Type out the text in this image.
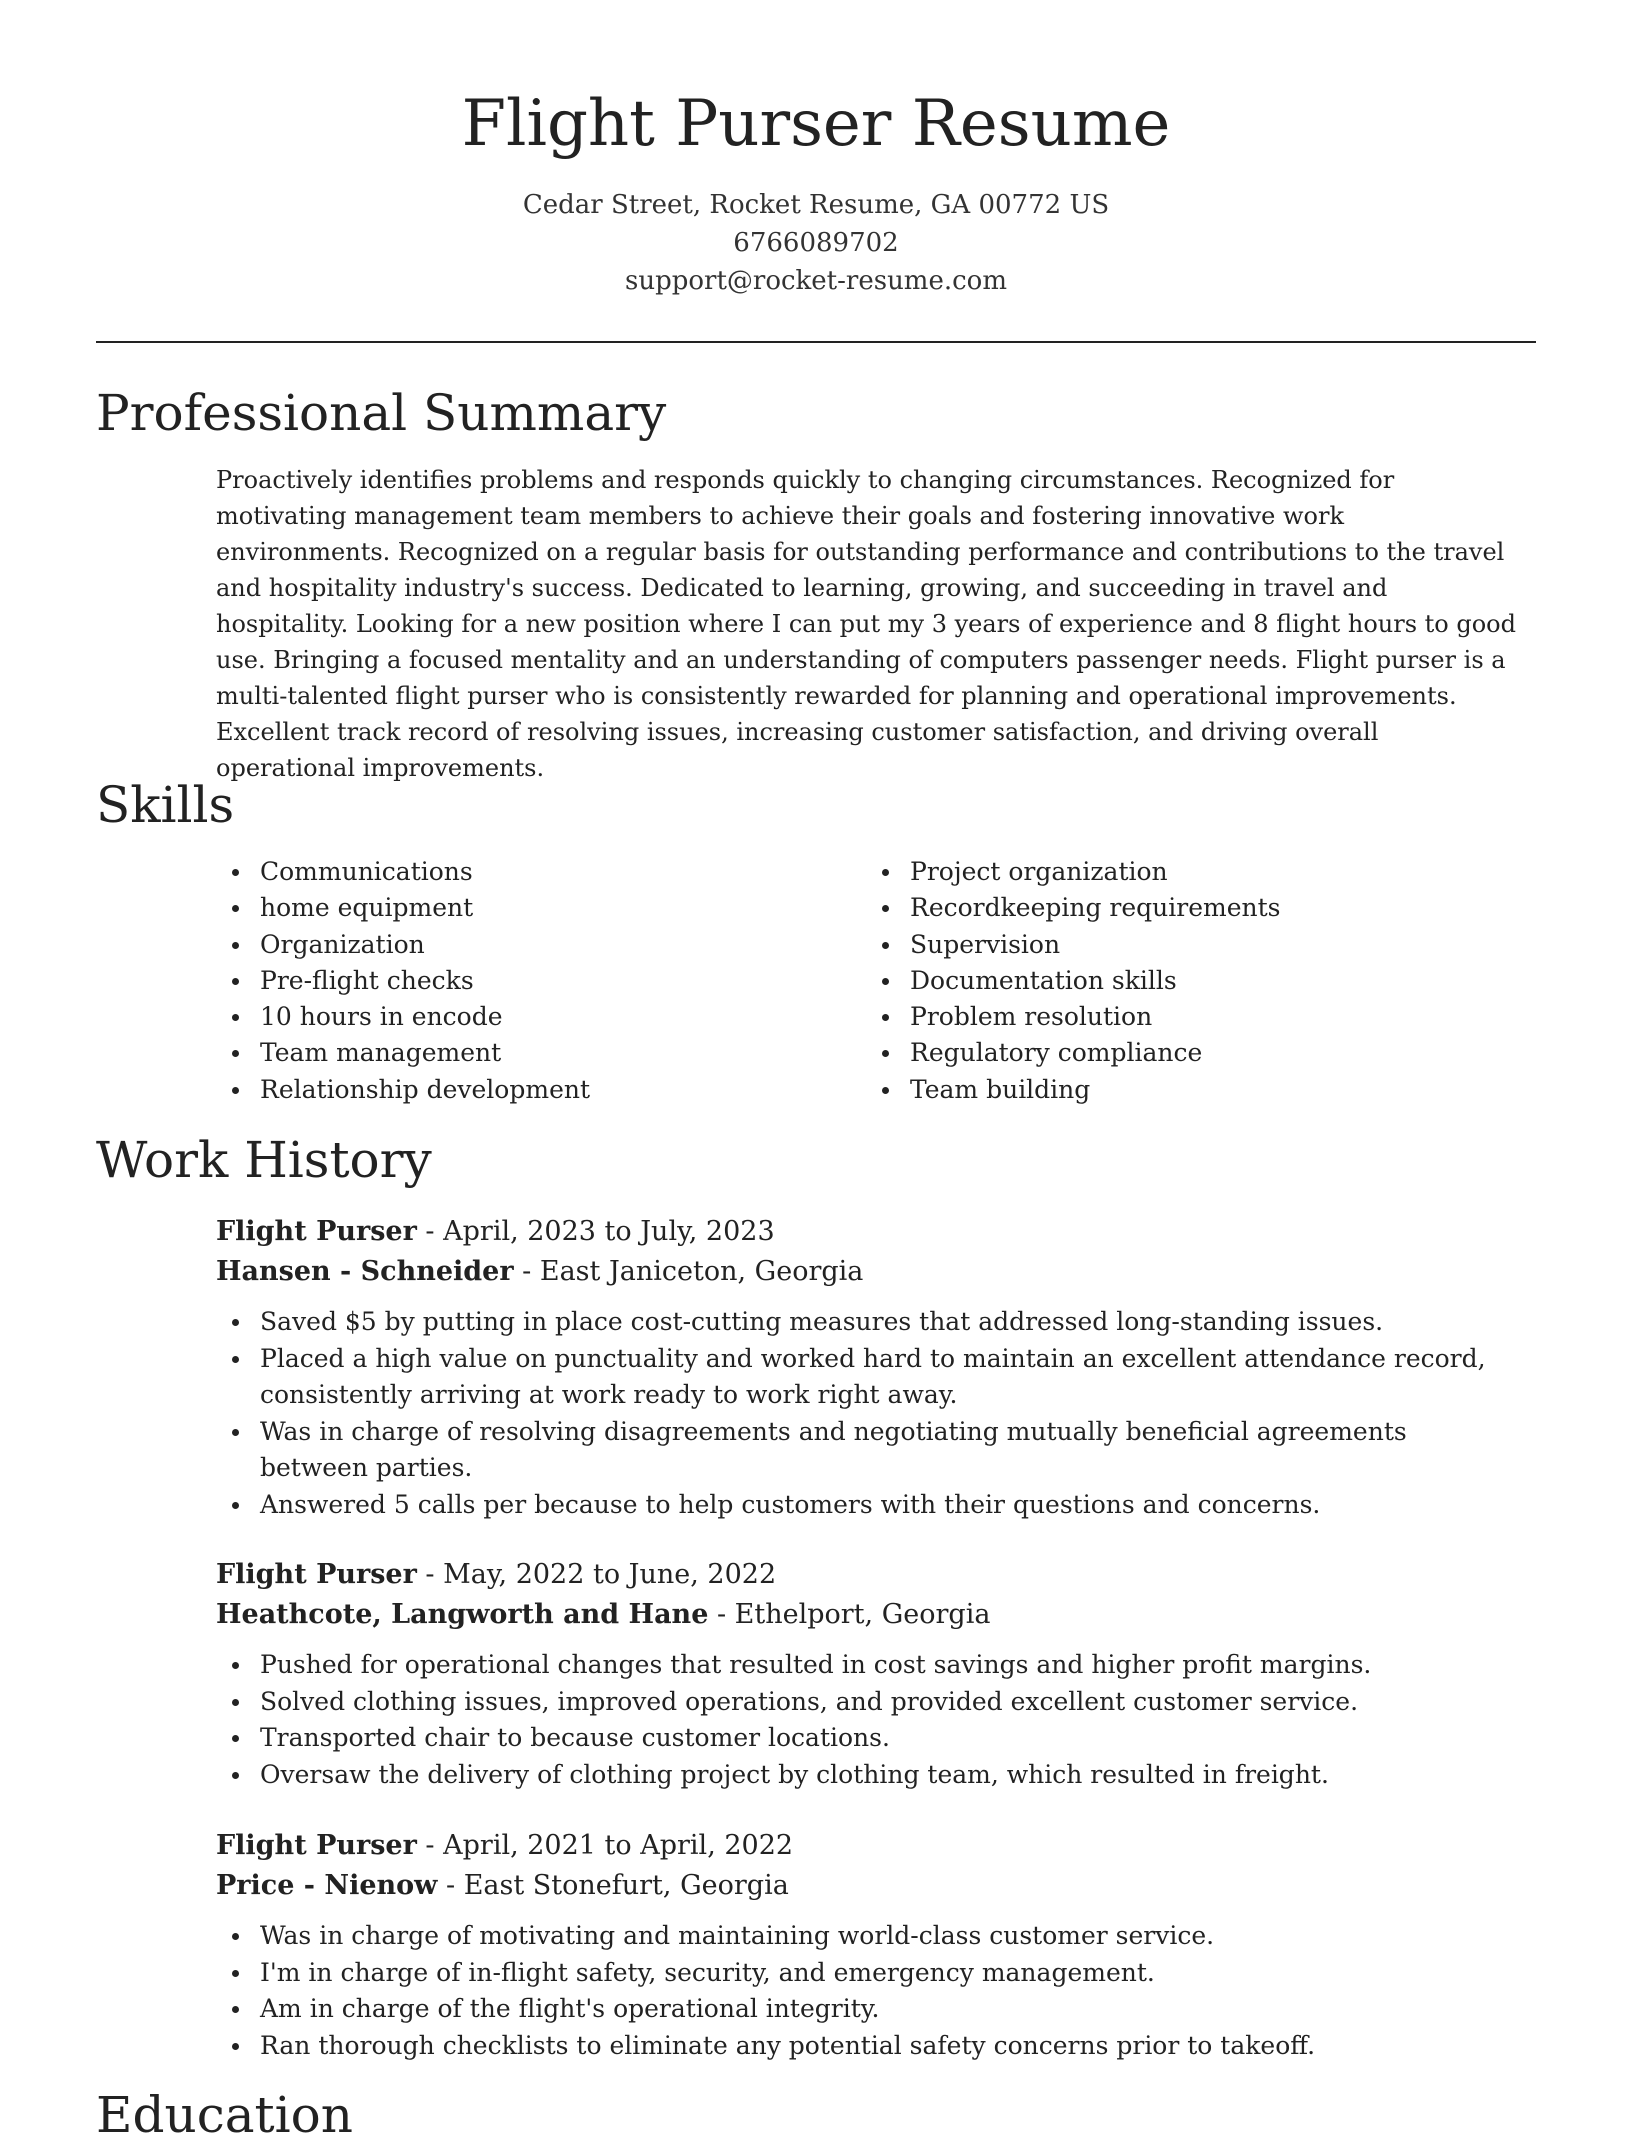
Flight Purser Resume
Cedar Street, Rocket Resume, GA 00772 US
6766089702
support@rocket-resume.com
Professional Summary

Proactively identifies problems and responds quickly to changing circumstances. Recognized for motivating management team members to achieve their goals and fostering innovative work environments. Recognized on a regular basis for outstanding performance and contributions to the travel and hospitality industry's success. Dedicated to learning, growing, and succeeding in travel and hospitality. Looking for a new position where I can put my 3 years of experience and 8 flight hours to good use. Bringing a focused mentality and an understanding of computers passenger needs. Flight purser is a multi-talented flight purser who is consistently rewarded for planning and operational improvements. Excellent track record of resolving issues, increasing customer satisfaction, and driving overall operational improvements.

Skills
Communications
home equipment
Organization
Pre-flight checks
10 hours in encode
Team management
Relationship development
Project organization
Recordkeeping requirements
Supervision
Documentation skills
Problem resolution
Regulatory compliance
Team building
Work History
Flight Purser - April, 2023 to July, 2023
Hansen - Schneider - East Janiceton, Georgia
Saved $5 by putting in place cost-cutting measures that addressed long-standing issues.
Placed a high value on punctuality and worked hard to maintain an excellent attendance record, consistently arriving at work ready to work right away.
Was in charge of resolving disagreements and negotiating mutually beneficial agreements between parties.
Answered 5 calls per because to help customers with their questions and concerns.
Flight Purser - May, 2022 to June, 2022
Heathcote, Langworth and Hane - Ethelport, Georgia
Pushed for operational changes that resulted in cost savings and higher profit margins.
Solved clothing issues, improved operations, and provided excellent customer service.
Transported chair to because customer locations.
Oversaw the delivery of clothing project by clothing team, which resulted in freight.
Flight Purser - April, 2021 to April, 2022
Price - Nienow - East Stonefurt, Georgia
Was in charge of motivating and maintaining world-class customer service.
I'm in charge of in-flight safety, security, and emergency management.
Am in charge of the flight's operational integrity.
Ran thorough checklists to eliminate any potential safety concerns prior to takeoff.
Education
